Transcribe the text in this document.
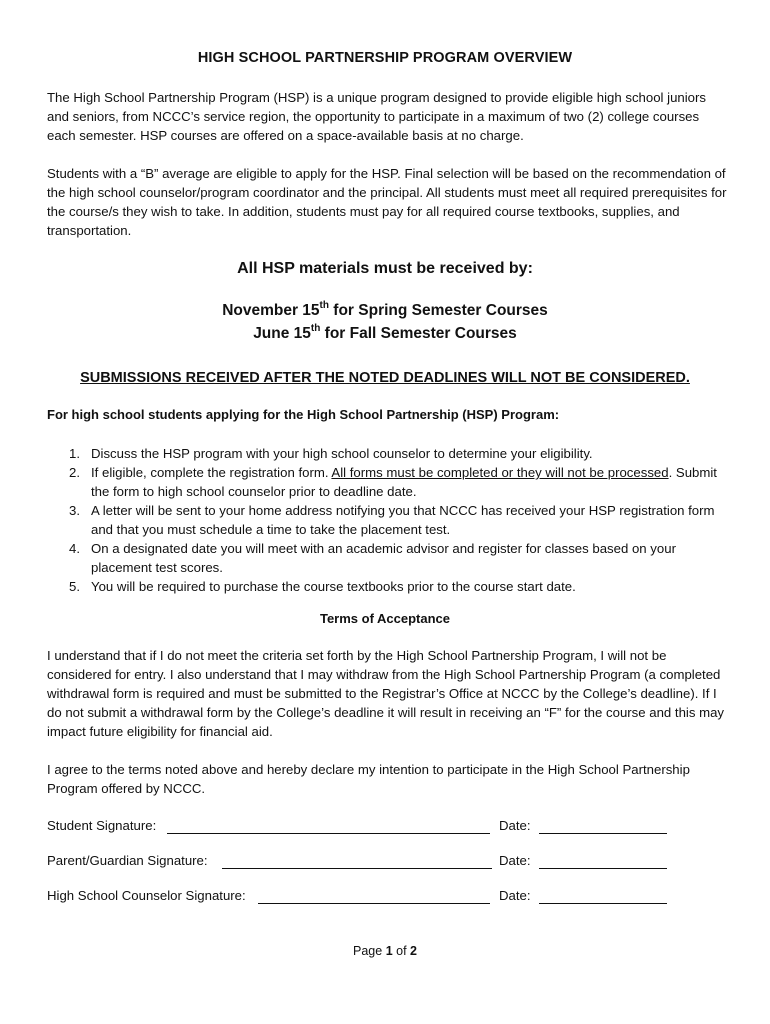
HIGH SCHOOL PARTNERSHIP PROGRAM OVERVIEW
The High School Partnership Program (HSP) is a unique program designed to provide eligible high school juniors and seniors, from NCCC’s service region, the opportunity to participate in a maximum of two (2) college courses each semester. HSP courses are offered on a space-available basis at no charge.
Students with a “B” average are eligible to apply for the HSP. Final selection will be based on the recommendation of the high school counselor/program coordinator and the principal. All students must meet all required prerequisites for the course/s they wish to take. In addition, students must pay for all required course textbooks, supplies, and transportation.
All HSP materials must be received by:
November 15th for Spring Semester Courses
June 15th for Fall Semester Courses
SUBMISSIONS RECEIVED AFTER THE NOTED DEADLINES WILL NOT BE CONSIDERED.
For high school students applying for the High School Partnership (HSP) Program:
1. Discuss the HSP program with your high school counselor to determine your eligibility.
2. If eligible, complete the registration form. All forms must be completed or they will not be processed. Submit the form to high school counselor prior to deadline date.
3. A letter will be sent to your home address notifying you that NCCC has received your HSP registration form and that you must schedule a time to take the placement test.
4. On a designated date you will meet with an academic advisor and register for classes based on your placement test scores.
5. You will be required to purchase the course textbooks prior to the course start date.
Terms of Acceptance
I understand that if I do not meet the criteria set forth by the High School Partnership Program, I will not be considered for entry. I also understand that I may withdraw from the High School Partnership Program (a completed withdrawal form is required and must be submitted to the Registrar’s Office at NCCC by the College’s deadline). If I do not submit a withdrawal form by the College’s deadline it will result in receiving an “F” for the course and this may impact future eligibility for financial aid.
I agree to the terms noted above and hereby declare my intention to participate in the High School Partnership Program offered by NCCC.
Student Signature:	Date:
Parent/Guardian Signature:	Date:
High School Counselor Signature:	Date:
Page 1 of 2
